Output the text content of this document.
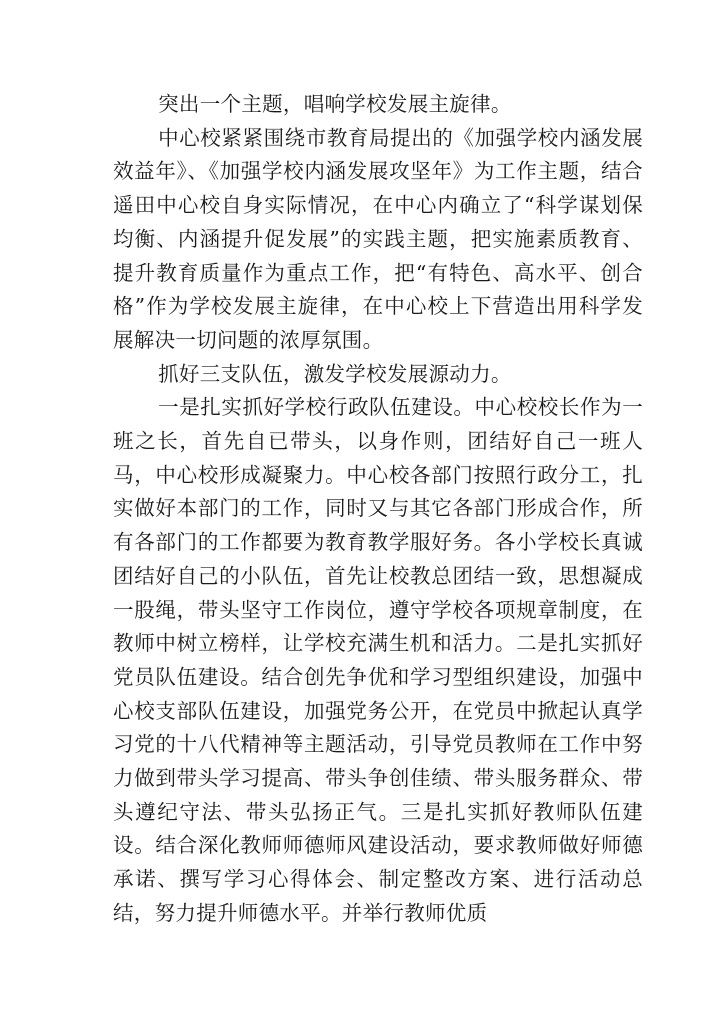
突出一个主题，唱响学校发展主旋律。

中心校紧紧围绕市教育局提出的《加强学校内涵发展效益年》、《加强学校内涵发展攻坚年》为工作主题，结合遥田中心校自身实际情况，在中心内确立了“科学谋划保均衡、内涵提升促发展”的实践主题，把实施素质教育、提升教育质量作为重点工作，把“有特色、高水平、创合格”作为学校发展主旋律，在中心校上下营造出用科学发展解决一切问题的浓厚氛围。

抓好三支队伍，激发学校发展源动力。

一是扎实抓好学校行政队伍建设。中心校校长作为一班之长，首先自已带头，以身作则，团结好自己一班人马，中心校形成凝聚力。中心校各部门按照行政分工，扎实做好本部门的工作，同时又与其它各部门形成合作，所有各部门的工作都要为教育教学服好务。各小学校长真诚团结好自己的小队伍，首先让校教总团结一致，思想凝成一股绳，带头坚守工作岗位，遵守学校各项规章制度，在教师中树立榜样，让学校充满生机和活力。二是扎实抓好党员队伍建设。结合创先争优和学习型组织建设，加强中心校支部队伍建设，加强党务公开，在党员中掀起认真学习党的十八代精神等主题活动，引导党员教师在工作中努力做到带头学习提高、带头争创佳绩、带头服务群众、带头遵纪守法、带头弘扬正气。三是扎实抓好教师队伍建设。结合深化教师师德师风建设活动，要求教师做好师德承诺、撰写学习心得体会、制定整改方案、进行活动总结，努力提升师德水平。并举行教师优质
